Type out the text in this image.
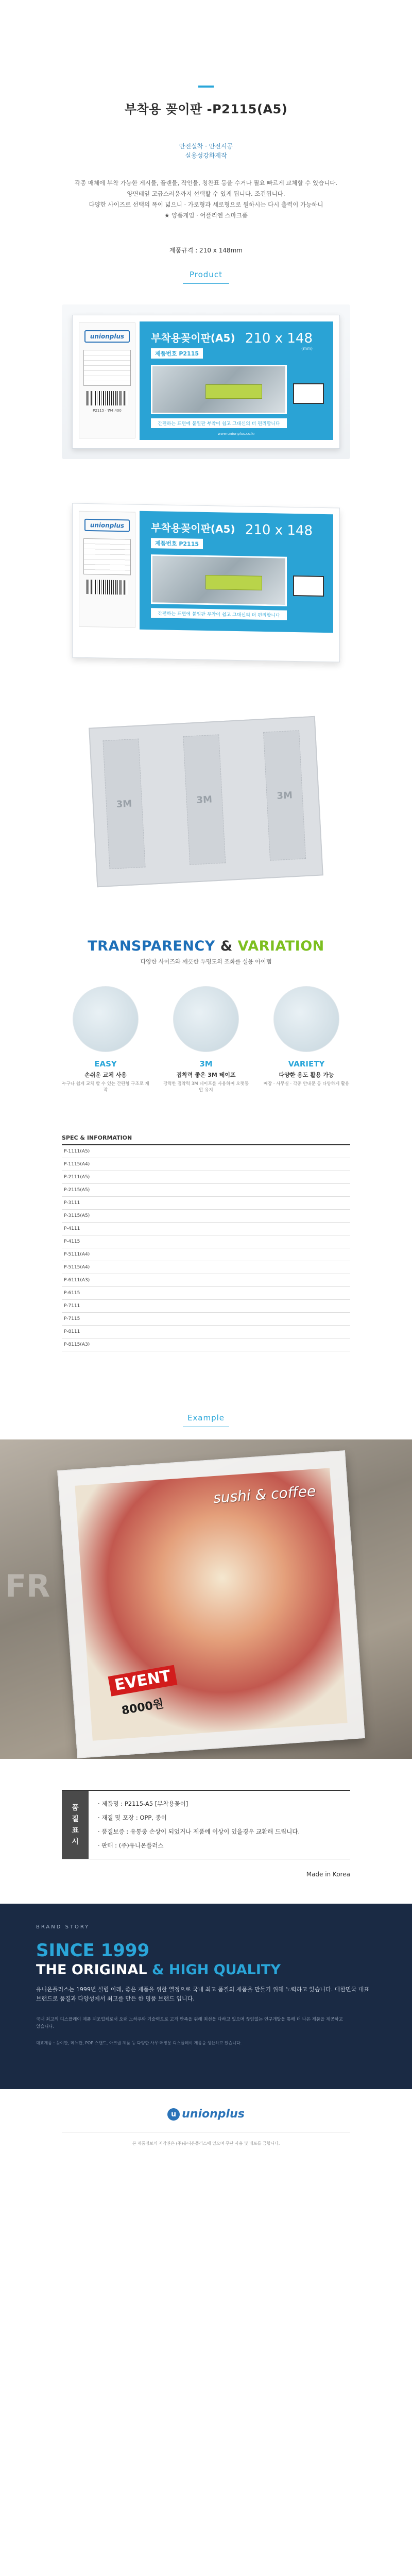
부착용 꽂이판 -P2115(A5)
안전실착 · 안전시공
실용성강화제작
각종 매체에 부착 가능한 게시물, 플랜물, 작인물, 칭찬표 등을 수거나 필요 빠르게 교체할 수 있습니다.
양면테잎 고급스러움까지 선택할 수 있게 됩니다. 조건됩니다.
다양한 사이즈로 선택의 폭이 넓으니 · 가로형과 세로형으로 원하시는 다시 출력이 가능하니
★ 양품게임 · 어플리엔 스마크품
제품규격 : 210 x 148mm
Product
unionplus
P2115 · ₩4,400
부착용꽂이판(A5) 210 x 148
(mm)
제품번호 P2115
간편하는 표면에 붙일판 부착이 쉽고 그대신의 더 편리합니다
www.unionplus.co.kr
unionplus	부착용꽂이판(A5) 210 x 148
제품번호 P2115
간편하는 표면에 붙일판 부착이 쉽고 그대신의 더 편리합니다
3M	3M	3M
TRANSPARENCY & VARIATION
다양한 사이즈와 깨끗한 투명도의 조화를 실용 아이템
EASY
손쉬운 교체 사용
누구나 쉽게 교체 할 수 있는 간편형 구조로 제작
3M
접착력 좋은 3M 테이프
강력한 접착력 3M 테이프를 사용하여 오랫동안 유지
VARIETY
다양한 용도 활용 가능
매장 · 사무실 · 각종 안내문 등 다양하게 활용
SPEC & INFORMATION
P-1111(A5)
P-1115(A4)
P-2111(A5)
P-2115(A5)
P-3111
P-3115(A5)
P-4111
P-4115
P-5111(A4)
P-5115(A4)
P-6111(A3)
P-6115
P-7111
P-7115
P-8111
P-8115(A3)
Example
FR
sushi & coffee
EVENT
8000원
품
질
표
시
· 제품명 : P2115-A5 [부착용꽂이]
· 재질 및 포장 : OPP, 종이
· 품질보증 : 유통중 손상이 되었거나 제품에 이상이 있을경우 교환해 드립니다.
· 판매 : (주)유니온플러스
Made in Korea
BRAND STORY
SINCE 1999
THE ORIGINAL & HIGH QUALITY
유니온플러스는 1999년 설립 이래, 좋은 제품을 위한 열정으로 국내 최고 품질의 제품을 만들기 위해 노력하고 있습니다. 대한민국 대표 브랜드로 품질과 다양성에서 최고를 만든 한 명품 브랜드 입니다.
국내 최고의 디스플레이 제품 제조업체로서 오랜 노하우와 기술력으로 고객 만족을 위해 최선을 다하고 있으며 끊임없는 연구개발을 통해 더 나은 제품을 제공하고 있습니다.
대표제품 : 꽂이판, 메뉴판, POP 스탠드, 아크릴 제품 등 다양한 사무·매장용 디스플레이 제품을 생산하고 있습니다.
u unionplus
본 제품정보의 저작권은 (주)유니온플러스에 있으며 무단 사용 및 배포를 금합니다.
